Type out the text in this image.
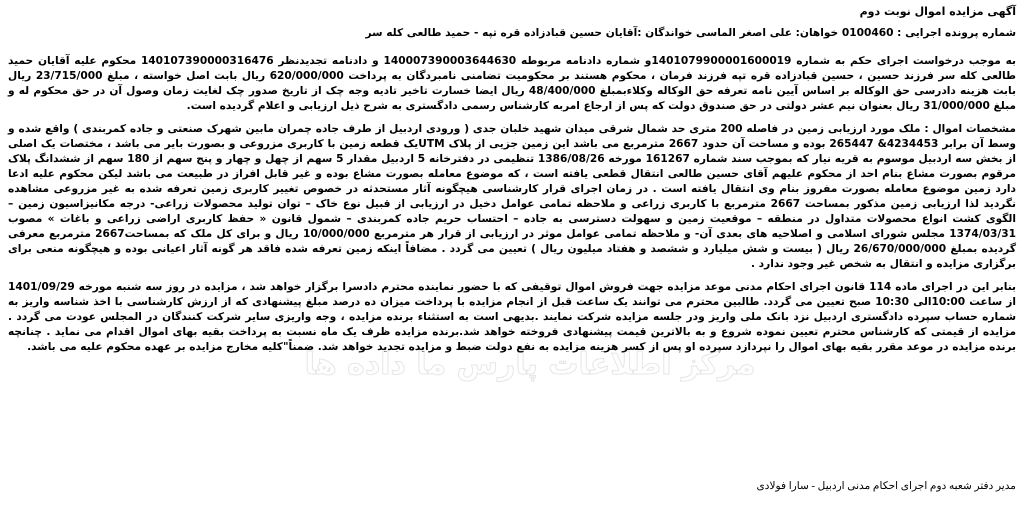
آگهی مزایده اموال نوبت دوم
شماره پرونده اجرایی : 0100460 خواهان: علی اصغر الماسی خواندگان :آقایان حسین قبادزاده قره تپه - حمید طالعی کله سر
به موجب درخواست اجرای حکم به شماره 1401079900001600019و شماره دادنامه مربوطه 140007390003644630 و دادنامه تجدیدنظر 140107390000316476 محکوم علیه آقایان حمید طالعی کله سر فرزند حسین ، حسین قبادزاده قره تپه فرزند فرمان ، محکوم هستند بر محکومیت تضامنی نامبردگان به پرداخت 620/000/000 ریال بابت اصل خواسته ، مبلغ 23/715/000 ریال بابت هزینه دادرسی حق الوکاله بر اساس آیین نامه تعرفه حق الوکاله وکلاءبمبلغ 48/400/000 ریال ایضا خسارت تاخیر تادیه وجه چک از تاریخ صدور چک لغایت زمان وصول آن در حق محکوم له و مبلغ 31/000/000 ریال بعنوان نیم عشر دولتی در حق صندوق دولت که پس از ارجاع امربه کارشناس رسمی دادگستری به شرح ذیل ارزیابی و اعلام گردیده است.
مشخصات اموال : ملک مورد ارزیابی زمین در فاصله 200 متری حد شمال شرقی میدان شهید خلبان جدی ( ورودی اردبیل از طرف جاده چمران مابین شهرک صنعتی و جاده کمربندی ) واقع شده و وسط آن برابر 4234453& 265447 بوده و مساحت آن حدود 2667 مترمربع می باشد این زمین جزیی از پلاک UTMیک قطعه زمین با کاربری مزروعی و بصورت بایر می باشد ، مختصات یک اصلی از بخش سه اردبیل موسوم به قریه نیار که بموجب سند شماره 161267 مورخه 1386/08/26 تنظیمی در دفترخانه 5 اردبیل مقدار 5 سهم از چهل و چهار و پنج سهم از 180 سهم از ششدانگ پلاک مرقوم بصورت مشاع بنام احد از محکوم علیهم آقای حسین طالعی انتقال قطعی یافته است ، که موضوع معامله بصورت مشاع بوده و غیر قابل افراز در طبیعت می باشد لیکن محکوم علیه ادعا دارد زمین موضوع معامله بصورت مفروز بنام وی انتقال یافته است . در زمان اجرای قرار کارشناسی هیچگونه آثار مستحدثه در خصوص تغییر کاربری زمین تعرفه شده به غیر مزروعی مشاهده نگردید لذا ارزیابی زمین مذکور بمساحت 2667 مترمربع با کاربری زراعی و ملاحظه تمامی عوامل دخیل در ارزیابی از قبیل نوع خاک – توان تولید محصولات زراعی- درجه مکانیزاسیون زمین – الگوی کشت انواع محصولات متداول در منطقه – موقعیت زمین و سهولت دسترسی به جاده – احتساب حریم جاده کمربندی – شمول قانون « حفظ کاربری اراضی زراعی و باغات » مصوب 1374/03/31 مجلس شورای اسلامی و اصلاحیه های بعدی آن- و ملاحظه تمامی عوامل موثر در ارزیابی از قرار هر مترمربع 10/000/000 ریال و برای کل ملک که بمساحت2667 مترمربع معرفی گردیده بمبلغ 26/670/000/000 ریال ( بیست و شش میلیارد و ششصد و هفتاد میلیون ریال ) تعیین می گردد . مضافاً اینکه زمین تعرفه شده فاقد هر گونه آثار اعیانی بوده و هیچگونه منعی برای برگزاری مزایده و انتقال به شخص غیر وجود ندارد .
بنابر این در اجرای ماده 114 قانون اجرای احکام مدنی موعد مزایده جهت فروش اموال توقیفی که با حضور نماینده محترم دادسرا برگزار خواهد شد ، مزایده در روز سه شنبه مورخه 1401/09/29 از ساعت 10:00الی 10:30 صبح تعیین می گردد. طالبین محترم می توانند یک ساعت قبل از انجام مزایده با پرداخت میزان ده درصد مبلغ پیشنهادی که از ارزش کارشناسی با اخذ شناسه واریز به شماره حساب سپرده دادگستری اردبیل نزد بانک ملی واریز ودر جلسه مزایده شرکت نمایند .بدیهی است به استثناء برنده مزایده ، وجه واریزی سایر شرکت کنندگان در المجلس عودت می گردد . مزایده از قیمتی که کارشناس محترم تعیین نموده شروع و به بالاترین قیمت پیشنهادی فروخته خواهد شد.برنده مزایده ظرف یک ماه نسبت به پرداخت بقیه بهای اموال اقدام می نماید . چنانچه برنده مزایده در موعد مقرر بقیه بهای اموال را نپردازد سپرده او پس از کسر هزینه مزایده به نفع دولت ضبط و مزایده تجدید خواهد شد. ضمناً"کلیه مخارج مزایده بر عهده محکوم علیه می باشد.
مرکز اطلاعات پارس ما داده ها
مدیر دفتر شعبه دوم اجرای احکام مدنی اردبیل - سارا فولادی
